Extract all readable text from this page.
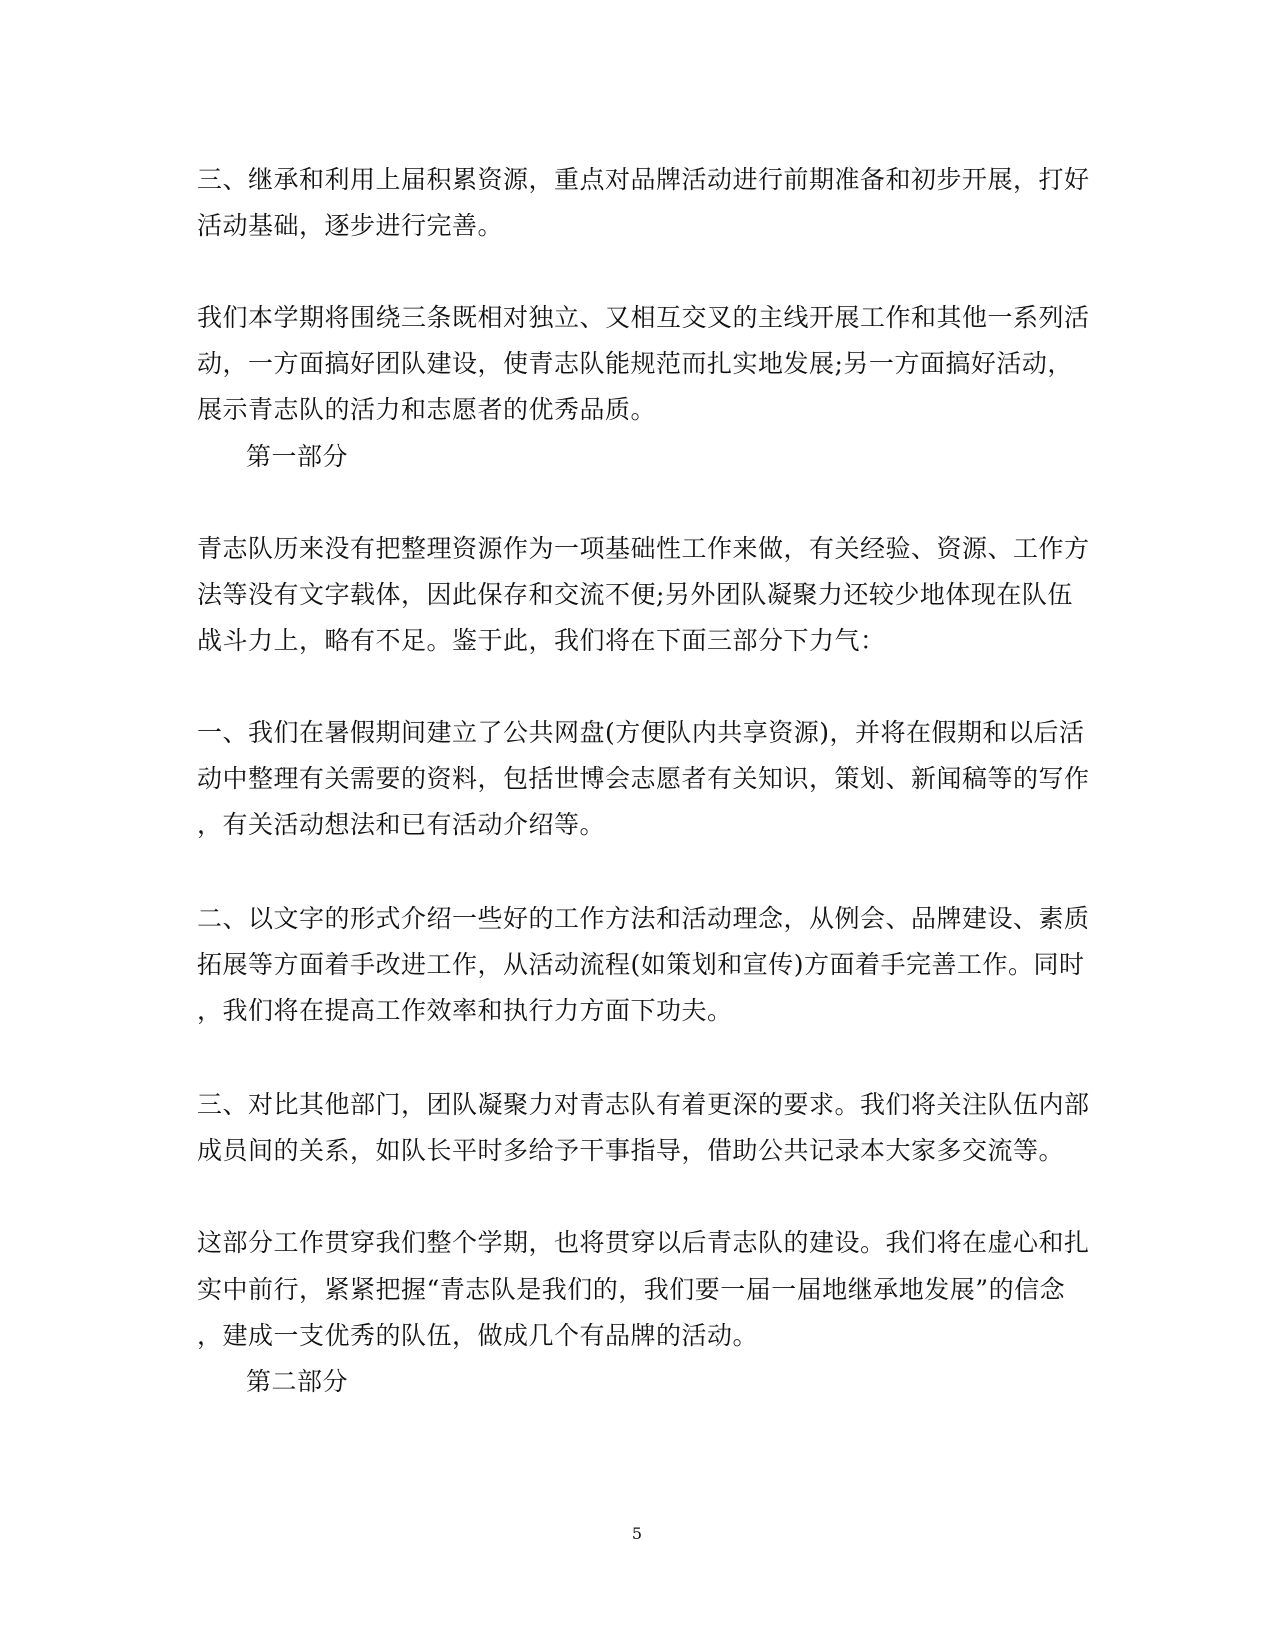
三、继承和利用上届积累资源，重点对品牌活动进行前期准备和初步开展，打好
活动基础，逐步进行完善。
我们本学期将围绕三条既相对独立、又相互交叉的主线开展工作和其他一系列活
动，一方面搞好团队建设，使青志队能规范而扎实地发展;另一方面搞好活动，
展示青志队的活力和志愿者的优秀品质。
第一部分
青志队历来没有把整理资源作为一项基础性工作来做，有关经验、资源、工作方
法等没有文字载体，因此保存和交流不便;另外团队凝聚力还较少地体现在队伍
战斗力上，略有不足。鉴于此，我们将在下面三部分下力气：
一、我们在暑假期间建立了公共网盘(方便队内共享资源)，并将在假期和以后活
动中整理有关需要的资料，包括世博会志愿者有关知识，策划、新闻稿等的写作
，有关活动想法和已有活动介绍等。
二、以文字的形式介绍一些好的工作方法和活动理念，从例会、品牌建设、素质
拓展等方面着手改进工作，从活动流程(如策划和宣传)方面着手完善工作。同时
，我们将在提高工作效率和执行力方面下功夫。
三、对比其他部门，团队凝聚力对青志队有着更深的要求。我们将关注队伍内部
成员间的关系，如队长平时多给予干事指导，借助公共记录本大家多交流等。
这部分工作贯穿我们整个学期，也将贯穿以后青志队的建设。我们将在虚心和扎
实中前行，紧紧把握“青志队是我们的，我们要一届一届地继承地发展”的信念
，建成一支优秀的队伍，做成几个有品牌的活动。
第二部分
5
